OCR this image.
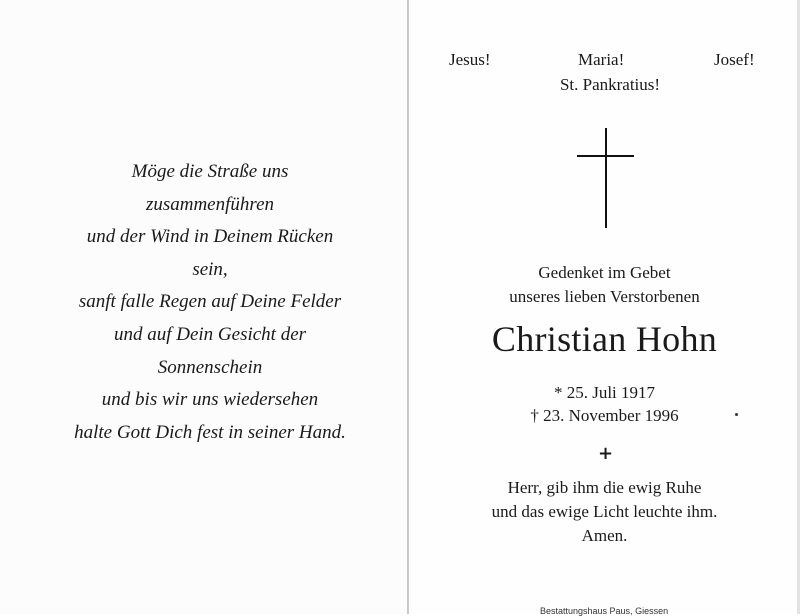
Möge die Straße uns
zusammenführen
und der Wind in Deinem Rücken
sein,
sanft falle Regen auf Deine Felder
und auf Dein Gesicht der
Sonnenschein
und bis wir uns wiedersehen
halte Gott Dich fest in seiner Hand.
Jesus!	Maria!	Josef!
St. Pankratius!
Gedenket im Gebet
unseres lieben Verstorbenen
Christian Hohn
* 25. Juli 1917
† 23. November 1996
+
Herr, gib ihm die ewig Ruhe
und das ewige Licht leuchte ihm.
Amen.
Bestattungshaus Paus, Giessen
